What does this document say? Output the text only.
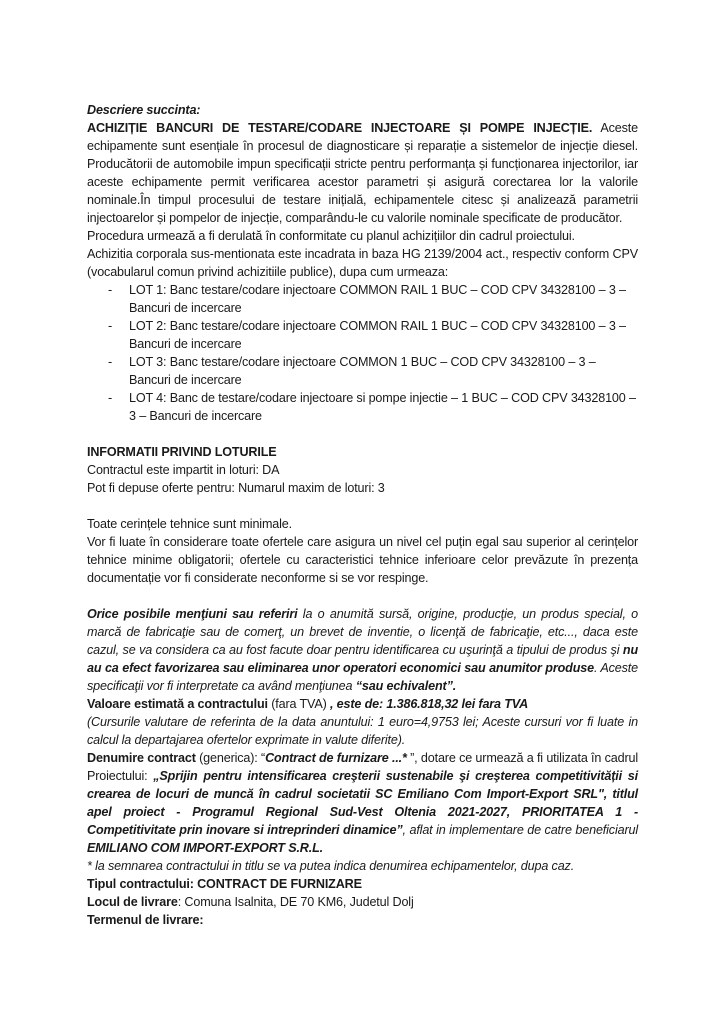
Descriere succinta:

ACHIZIȚIE BANCURI DE TESTARE/CODARE INJECTOARE ȘI POMPE INJECȚIE. Aceste echipamente sunt esențiale în procesul de diagnosticare și reparație a sistemelor de injecție diesel. Producătorii de automobile impun specificații stricte pentru performanța și funcționarea injectorilor, iar aceste echipamente permit verificarea acestor parametri și asigură corectarea lor la valorile nominale.În timpul procesului de testare inițială, echipamentele citesc și analizează parametrii injectoarelor și pompelor de injecție, comparându-le cu valorile nominale specificate de producător.

Procedura urmează a fi derulată în conformitate cu planul achizițiilor din cadrul proiectului.

Achizitia corporala sus-mentionata este incadrata in baza HG 2139/2004 act., respectiv conform CPV (vocabularul comun privind achizitiile publice), dupa cum urmeaza:

- LOT 1: Banc testare/codare injectoare COMMON RAIL 1 BUC – COD CPV 34328100 – 3 – Bancuri de incercare
- LOT 2: Banc testare/codare injectoare COMMON RAIL 1 BUC – COD CPV 34328100 – 3 – Bancuri de incercare
- LOT 3: Banc testare/codare injectoare COMMON 1 BUC – COD CPV 34328100 – 3 – Bancuri de incercare
- LOT 4: Banc de testare/codare injectoare si pompe injectie – 1 BUC – COD CPV 34328100 – 3 – Bancuri de incercare

INFORMATII PRIVIND LOTURILE

Contractul este impartit in loturi: DA

Pot fi depuse oferte pentru: Numarul maxim de loturi: 3

Toate cerințele tehnice sunt minimale.

Vor fi luate în considerare toate ofertele care asigura un nivel cel puțin egal sau superior al cerințelor tehnice minime obligatorii; ofertele cu caracteristici tehnice inferioare celor prevăzute în prezența documentație vor fi considerate neconforme si se vor respinge.

Orice posibile menţiuni sau referiri la o anumită sursă, origine, producţie, un produs special, o marcă de fabricaţie sau de comerţ, un brevet de inventie, o licenţă de fabricaţie, etc..., daca este cazul, se va considera ca au fost facute doar pentru identificarea cu uşurinţă a tipului de produs şi nu au ca efect favorizarea sau eliminarea unor operatori economici sau anumitor produse. Aceste specificaţii vor fi interpretate ca având menţiunea “sau echivalent”.

Valoare estimată a contractului (fara TVA) , este de: 1.386.818,32 lei fara TVA

(Cursurile valutare de referinta de la data anuntului: 1 euro=4,9753 lei; Aceste cursuri vor fi luate in calcul la departajarea ofertelor exprimate in valute diferite).

Denumire contract (generica): “Contract de furnizare ...* ”, dotare ce urmează a fi utilizata în cadrul Proiectului: „Sprijin pentru intensificarea creşterii sustenabile şi creşterea competitivității si crearea de locuri de muncă în cadrul societatii SC Emiliano Com Import-Export SRL", titlul apel proiect - Programul Regional Sud-Vest Oltenia 2021-2027, PRIORITATEA 1 - Competitivitate prin inovare si intreprinderi dinamice”, aflat in implementare de catre beneficiarul EMILIANO COM IMPORT-EXPORT S.R.L.

* la semnarea contractului in titlu se va putea indica denumirea echipamentelor, dupa caz.

Tipul contractului: CONTRACT DE FURNIZARE

Locul de livrare: Comuna Isalnita, DE 70 KM6, Judetul Dolj

Termenul de livrare:
